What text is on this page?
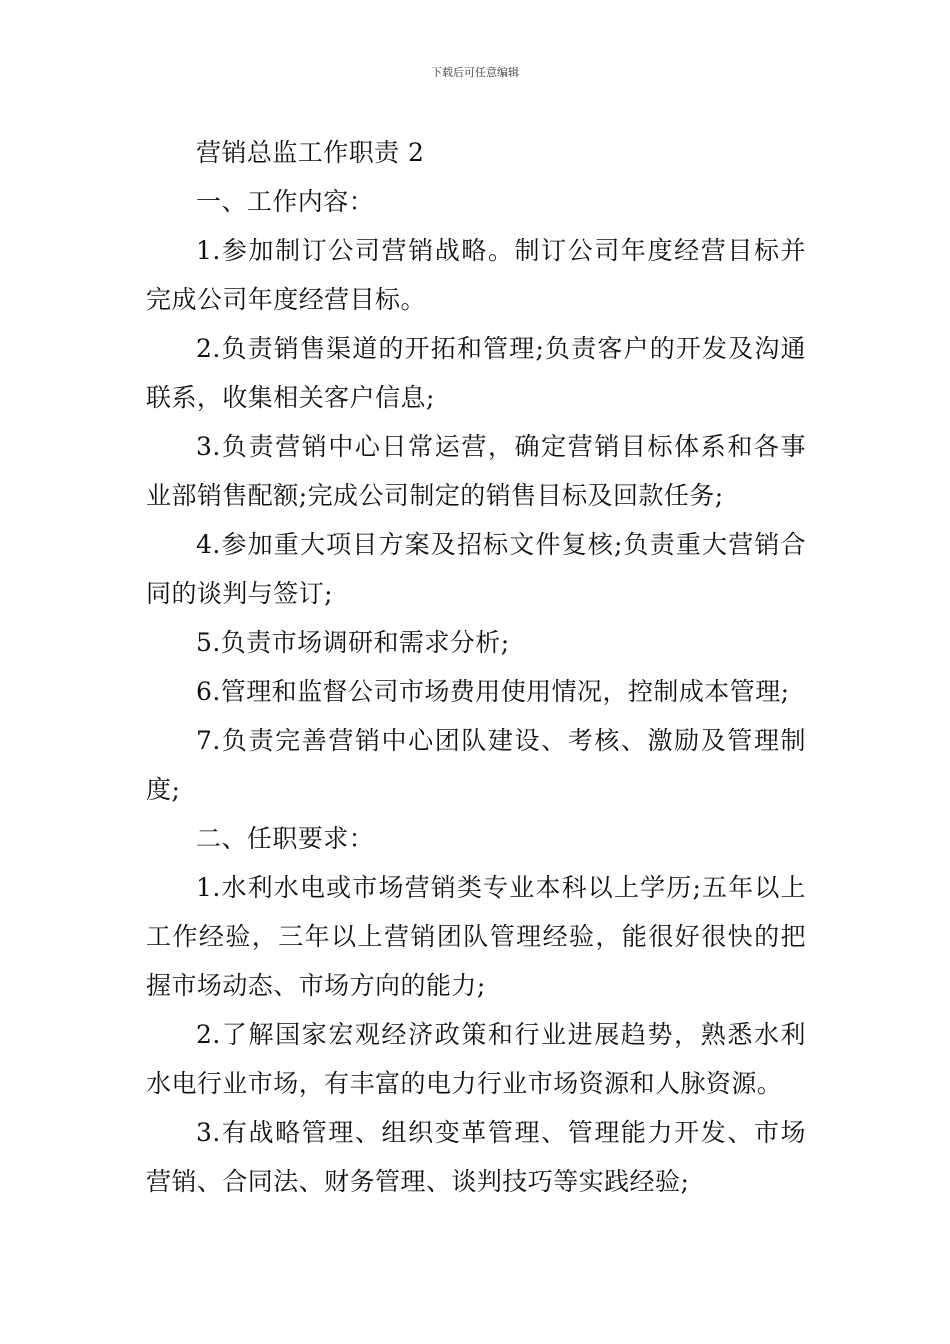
下载后可任意编辑

营销总监工作职责 2

一、工作内容：

1.参加制订公司营销战略。制订公司年度经营目标并完成公司年度经营目标。

2.负责销售渠道的开拓和管理;负责客户的开发及沟通联系，收集相关客户信息;

3.负责营销中心日常运营，确定营销目标体系和各事业部销售配额;完成公司制定的销售目标及回款任务;

4.参加重大项目方案及招标文件复核;负责重大营销合同的谈判与签订;

5.负责市场调研和需求分析;

6.管理和监督公司市场费用使用情况，控制成本管理;

7.负责完善营销中心团队建设、考核、激励及管理制度;

二、任职要求：

1.水利水电或市场营销类专业本科以上学历;五年以上工作经验，三年以上营销团队管理经验，能很好很快的把握市场动态、市场方向的能力;

2.了解国家宏观经济政策和行业进展趋势，熟悉水利水电行业市场，有丰富的电力行业市场资源和人脉资源。

3.有战略管理、组织变革管理、管理能力开发、市场营销、合同法、财务管理、谈判技巧等实践经验;
